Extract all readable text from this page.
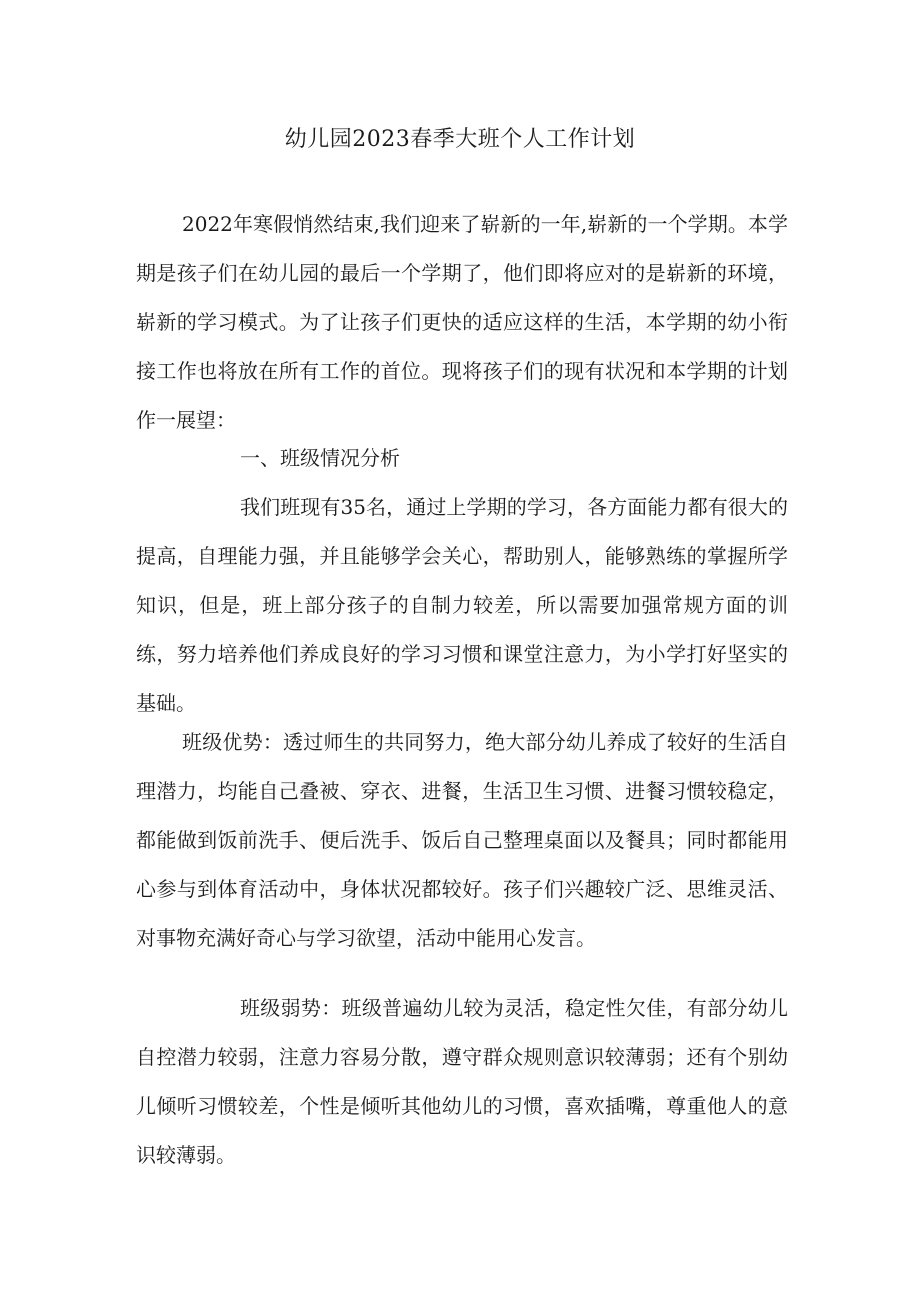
幼儿园2023春季大班个人工作计划

2022年寒假悄然结束,我们迎来了崭新的一年,崭新的一个学期。本学期是孩子们在幼儿园的最后一个学期了，他们即将应对的是崭新的环境，崭新的学习模式。为了让孩子们更快的适应这样的生活，本学期的幼小衔接工作也将放在所有工作的首位。现将孩子们的现有状况和本学期的计划作一展望：

一、班级情况分析

我们班现有35名，通过上学期的学习，各方面能力都有很大的提高，自理能力强，并且能够学会关心，帮助别人，能够熟练的掌握所学知识，但是，班上部分孩子的自制力较差，所以需要加强常规方面的训练，努力培养他们养成良好的学习习惯和课堂注意力，为小学打好坚实的基础。

班级优势：透过师生的共同努力，绝大部分幼儿养成了较好的生活自理潜力，均能自己叠被、穿衣、进餐，生活卫生习惯、进餐习惯较稳定，都能做到饭前洗手、便后洗手、饭后自己整理桌面以及餐具；同时都能用心参与到体育活动中，身体状况都较好。孩子们兴趣较广泛、思维灵活、对事物充满好奇心与学习欲望，活动中能用心发言。

班级弱势：班级普遍幼儿较为灵活，稳定性欠佳，有部分幼儿自控潜力较弱，注意力容易分散，遵守群众规则意识较薄弱；还有个别幼儿倾听习惯较差，个性是倾听其他幼儿的习惯，喜欢插嘴，尊重他人的意识较薄弱。
